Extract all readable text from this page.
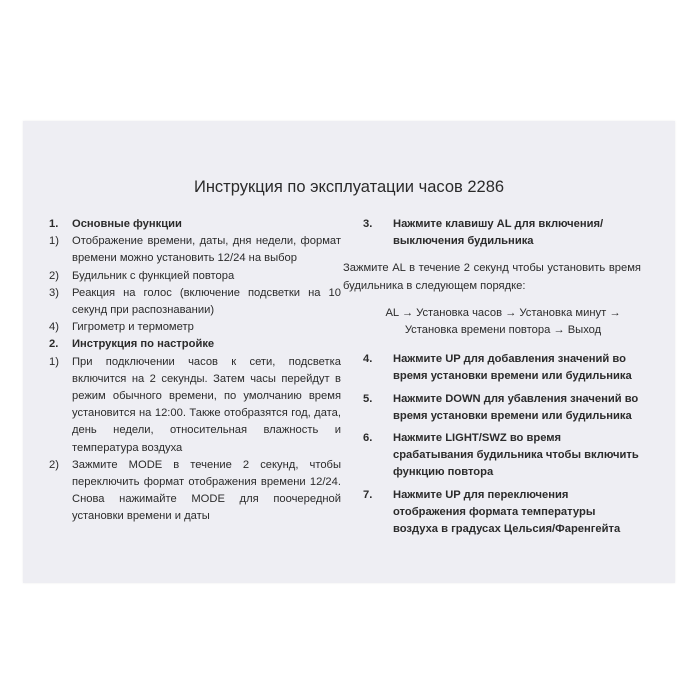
Инструкция по эксплуатации часов 2286
1.	Основные функции
1)	Отображение времени, даты, дня недели, формат времени можно установить 12/24 на выбор
2)	Будильник с функцией повтора
3)	Реакция на голос (включение подсветки на 10 секунд при распознавании)
4)	Гигрометр и термометр
2.	Инструкция по настройке
1)	При подключении часов к сети, подсветка включится на 2 секунды. Затем часы перейдут в режим обычного времени, по умолчанию время установится на 12:00. Также отобразятся год, дата, день недели, относительная влажность и температура воздуха
2)	Зажмите MODE в течение 2 секунд, чтобы переключить формат отображения времени 12/24. Снова нажимайте MODE для поочередной установки времени и даты
3.	Нажмите клавишу AL для включения/выключения будильника
Зажмите AL в течение 2 секунд чтобы установить время будильника в следующем порядке:
AL → Установка часов → Установка минут → Установка времени повтора → Выход
4.	Нажмите UP для добавления значений во время установки времени или будильника
5.	Нажмите DOWN для убавления значений во время установки времени или будильника
6.	Нажмите LIGHT/SWZ во время срабатывания будильника чтобы включить функцию повтора
7.	Нажмите UP для переключения отображения формата температуры воздуха в градусах Цельсия/Фаренгейта
